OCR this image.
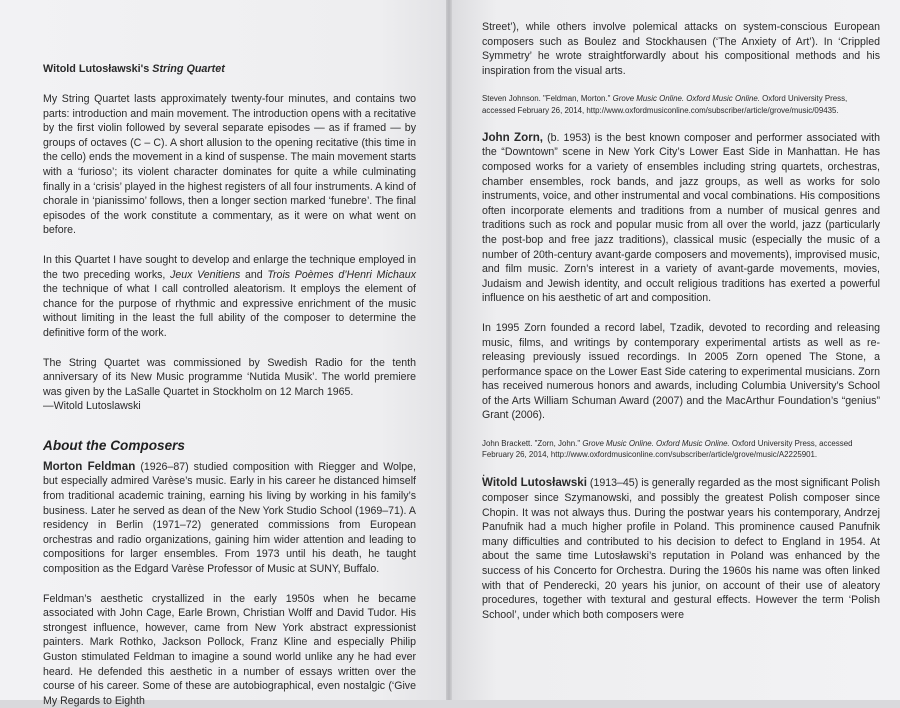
Witold Lutosławski's String Quartet

My String Quartet lasts approximately twenty-four minutes, and contains two parts: introduction and main movement. The introduction opens with a recitative by the first violin followed by several separate episodes — as if framed — by groups of octaves (C – C). A short allusion to the opening recitative (this time in the cello) ends the movement in a kind of suspense. The main movement starts with a ‘furioso’; its violent character dominates for quite a while culminating finally in a ‘crisis’ played in the highest registers of all four instruments. A kind of chorale in ‘pianissimo’ follows, then a longer section marked ‘funebre’. The final episodes of the work constitute a commentary, as it were on what went on before.

In this Quartet I have sought to develop and enlarge the technique employed in the two preceding works, Jeux Venitiens and Trois Poèmes d’Henri Michaux the technique of what I call controlled aleatorism. It employs the element of chance for the purpose of rhythmic and expressive enrichment of the music without limiting in the least the full ability of the composer to determine the definitive form of the work.

The String Quartet was commissioned by Swedish Radio for the tenth anniversary of its New Music programme ‘Nutida Musik’. The world premiere was given by the LaSalle Quartet in Stockholm on 12 March 1965.

—Witold Lutoslawski

About the Composers

Morton Feldman (1926–87) studied composition with Riegger and Wolpe, but especially admired Varèse’s music. Early in his career he distanced himself from traditional academic training, earning his living by working in his family’s business. Later he served as dean of the New York Studio School (1969–71). A residency in Berlin (1971–72) generated commissions from European orchestras and radio organizations, gaining him wider attention and leading to compositions for larger ensembles. From 1973 until his death, he taught composition as the Edgard Varèse Professor of Music at SUNY, Buffalo.

Feldman’s aesthetic crystallized in the early 1950s when he became associated with John Cage, Earle Brown, Christian Wolff and David Tudor. His strongest influence, however, came from New York abstract expressionist painters. Mark Rothko, Jackson Pollock, Franz Kline and especially Philip Guston stimulated Feldman to imagine a sound world unlike any he had ever heard. He defended this aesthetic in a number of essays written over the course of his career. Some of these are autobiographical, even nostalgic (‘Give My Regards to Eighth

Street’), while others involve polemical attacks on system-conscious European composers such as Boulez and Stockhausen (‘The Anxiety of Art’). In ‘Crippled Symmetry’ he wrote straightforwardly about his compositional methods and his inspiration from the visual arts.

Steven Johnson. "Feldman, Morton." Grove Music Online. Oxford Music Online. Oxford University Press, accessed February 26, 2014, http://www.oxfordmusiconline.com/subscriber/article/grove/music/09435.

John Zorn, (b. 1953) is the best known composer and performer associated with the “Downtown” scene in New York City’s Lower East Side in Manhattan. He has composed works for a variety of ensembles including string quartets, orchestras, chamber ensembles, rock bands, and jazz groups, as well as works for solo instruments, voice, and other instrumental and vocal combinations. His compositions often incorporate elements and traditions from a number of musical genres and traditions such as rock and popular music from all over the world, jazz (particularly the post-bop and free jazz traditions), classical music (especially the music of a number of 20th-century avant-garde composers and movements), improvised music, and film music. Zorn’s interest in a variety of avant-garde movements, movies, Judaism and Jewish identity, and occult religious traditions has exerted a powerful influence on his aesthetic of art and composition.

In 1995 Zorn founded a record label, Tzadik, devoted to recording and releasing music, films, and writings by contemporary experimental artists as well as re-releasing previously issued recordings. In 2005 Zorn opened The Stone, a performance space on the Lower East Side catering to experimental musicians. Zorn has received numerous honors and awards, including Columbia University’s School of the Arts William Schuman Award (2007) and the MacArthur Foundation’s “genius” Grant (2006).

John Brackett. "Zorn, John." Grove Music Online. Oxford Music Online. Oxford University Press, accessed February 26, 2014, http://www.oxfordmusiconline.com/subscriber/article/grove/music/A2225901.

.

Witold Lutosławski (1913–45) is generally regarded as the most significant Polish composer since Szymanowski, and possibly the greatest Polish composer since Chopin. It was not always thus. During the postwar years his contemporary, Andrzej Panufnik had a much higher profile in Poland. This prominence caused Panufnik many difficulties and contributed to his decision to defect to England in 1954. At about the same time Lutosławski’s reputation in Poland was enhanced by the success of his Concerto for Orchestra. During the 1960s his name was often linked with that of Penderecki, 20 years his junior, on account of their use of aleatory procedures, together with textural and gestural effects. However the term ‘Polish School’, under which both composers were
